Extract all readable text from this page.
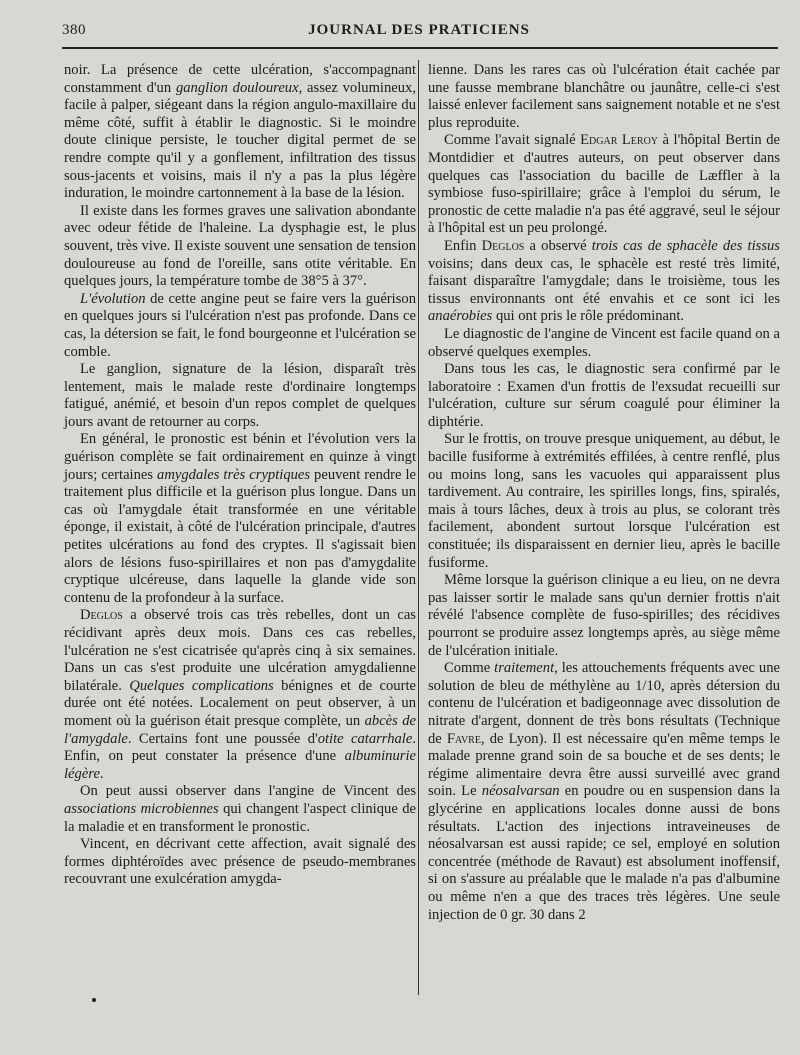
380	JOURNAL DES PRATICIENS

noir. La présence de cette ulcération, s'accompagnant constamment d'un ganglion douloureux, assez volumineux, facile à palper, siégeant dans la région angulo-maxillaire du même côté, suffit à établir le diagnostic. Si le moindre doute clinique persiste, le toucher digital permet de se rendre compte qu'il y a gonflement, infiltration des tissus sous-jacents et voisins, mais il n'y a pas la plus légère induration, le moindre cartonnement à la base de la lésion.

Il existe dans les formes graves une salivation abondante avec odeur fétide de l'haleine. La dysphagie est, le plus souvent, très vive. Il existe souvent une sensation de tension douloureuse au fond de l'oreille, sans otite véritable. En quelques jours, la température tombe de 38°5 à 37°.

L'évolution de cette angine peut se faire vers la guérison en quelques jours si l'ulcération n'est pas profonde. Dans ce cas, la détersion se fait, le fond bourgeonne et l'ulcération se comble.

Le ganglion, signature de la lésion, disparaît très lentement, mais le malade reste d'ordinaire longtemps fatigué, anémié, et besoin d'un repos complet de quelques jours avant de retourner au corps.

En général, le pronostic est bénin et l'évolution vers la guérison complète se fait ordinairement en quinze à vingt jours; certaines amygdales très cryptiques peuvent rendre le traitement plus difficile et la guérison plus longue. Dans un cas où l'amygdale était transformée en une véritable éponge, il existait, à côté de l'ulcération principale, d'autres petites ulcérations au fond des cryptes. Il s'agissait bien alors de lésions fuso-spirillaires et non pas d'amygdalite cryptique ulcéreuse, dans laquelle la glande vide son contenu de la profondeur à la surface.

Deglos a observé trois cas très rebelles, dont un cas récidivant après deux mois. Dans ces cas rebelles, l'ulcération ne s'est cicatrisée qu'après cinq à six semaines. Dans un cas s'est produite une ulcération amygdalienne bilatérale. Quelques complications bénignes et de courte durée ont été notées. Localement on peut observer, à un moment où la guérison était presque complète, un abcès de l'amygdale. Certains font une poussée d'otite catarrhale. Enfin, on peut constater la présence d'une albuminurie légère.

On peut aussi observer dans l'angine de Vincent des associations microbiennes qui changent l'aspect clinique de la maladie et en transforment le pronostic.

Vincent, en décrivant cette affection, avait signalé des formes diphtéroïdes avec présence de pseudo-membranes recouvrant une exulcération amygda-

lienne. Dans les rares cas où l'ulcération était cachée par une fausse membrane blanchâtre ou jaunâtre, celle-ci s'est laissé enlever facilement sans saignement notable et ne s'est plus reproduite.

Comme l'avait signalé Edgar Leroy à l'hôpital Bertin de Montdidier et d'autres auteurs, on peut observer dans quelques cas l'association du bacille de Læffler à la symbiose fuso-spirillaire; grâce à l'emploi du sérum, le pronostic de cette maladie n'a pas été aggravé, seul le séjour à l'hôpital est un peu prolongé.

Enfin Deglos a observé trois cas de sphacèle des tissus voisins; dans deux cas, le sphacèle est resté très limité, faisant disparaître l'amygdale; dans le troisième, tous les tissus environnants ont été envahis et ce sont ici les anaérobies qui ont pris le rôle prédominant.

Le diagnostic de l'angine de Vincent est facile quand on a observé quelques exemples.

Dans tous les cas, le diagnostic sera confirmé par le laboratoire : Examen d'un frottis de l'exsudat recueilli sur l'ulcération, culture sur sérum coagulé pour éliminer la diphtérie.

Sur le frottis, on trouve presque uniquement, au début, le bacille fusiforme à extrémités effilées, à centre renflé, plus ou moins long, sans les vacuoles qui apparaissent plus tardivement. Au contraire, les spirilles longs, fins, spiralés, mais à tours lâches, deux à trois au plus, se colorant très facilement, abondent surtout lorsque l'ulcération est constituée; ils disparaissent en dernier lieu, après le bacille fusiforme.

Même lorsque la guérison clinique a eu lieu, on ne devra pas laisser sortir le malade sans qu'un dernier frottis n'ait révélé l'absence complète de fuso-spirilles; des récidives pourront se produire assez longtemps après, au siège même de l'ulcération initiale.

Comme traitement, les attouchements fréquents avec une solution de bleu de méthylène au 1/10, après détersion du contenu de l'ulcération et badigeonnage avec dissolution de nitrate d'argent, donnent de très bons résultats (Technique de Favre, de Lyon). Il est nécessaire qu'en même temps le malade prenne grand soin de sa bouche et de ses dents; le régime alimentaire devra être aussi surveillé avec grand soin. Le néosalvarsan en poudre ou en suspension dans la glycérine en applications locales donne aussi de bons résultats. L'action des injections intraveineuses de néosalvarsan est aussi rapide; ce sel, employé en solution concentrée (méthode de Ravaut) est absolument inoffensif, si on s'assure au préalable que le malade n'a pas d'albumine ou même n'en a que des traces très légères. Une seule injection de 0 gr. 30 dans 2
